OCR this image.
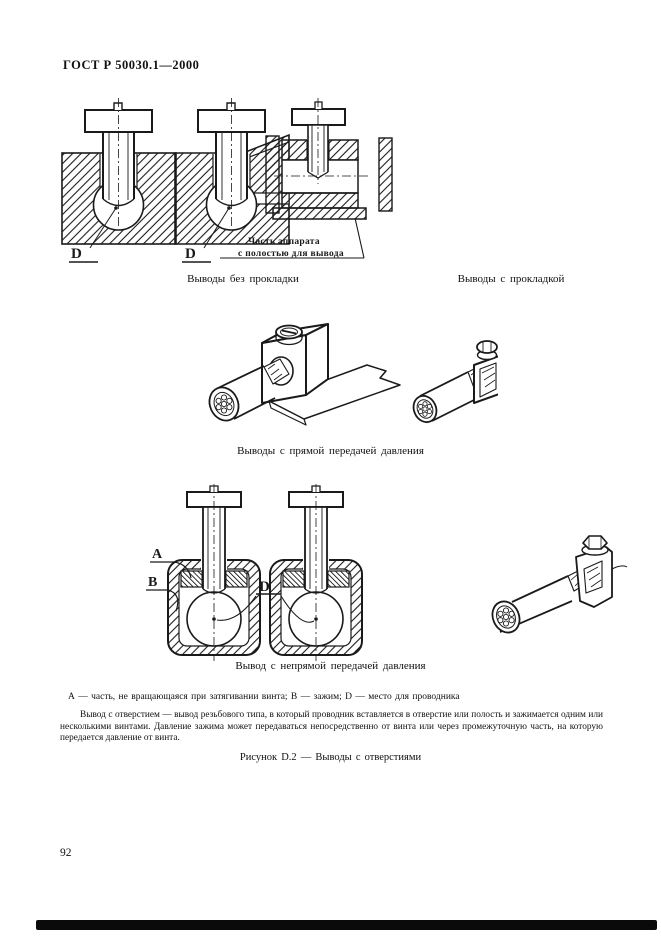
ГОСТ Р 50030.1—2000
D	D
Часть аппарата
с полостью для вывода
Выводы без прокладки	Выводы с прокладкой
Выводы с прямой передачей давления
A
B	D
Вывод с непрямой передачей давления
А — часть, не вращающаяся при затягивании винта; В — зажим; D — место для проводника
Вывод с отверстием — вывод резьбового типа, в который проводник вставляется в отверстие или полость и зажимается одним или несколькими винтами. Давление зажима может передаваться непосредственно от винта или через промежуточную часть, на которую передается давление от винта.
Рисунок D.2 — Выводы с отверстиями
92
